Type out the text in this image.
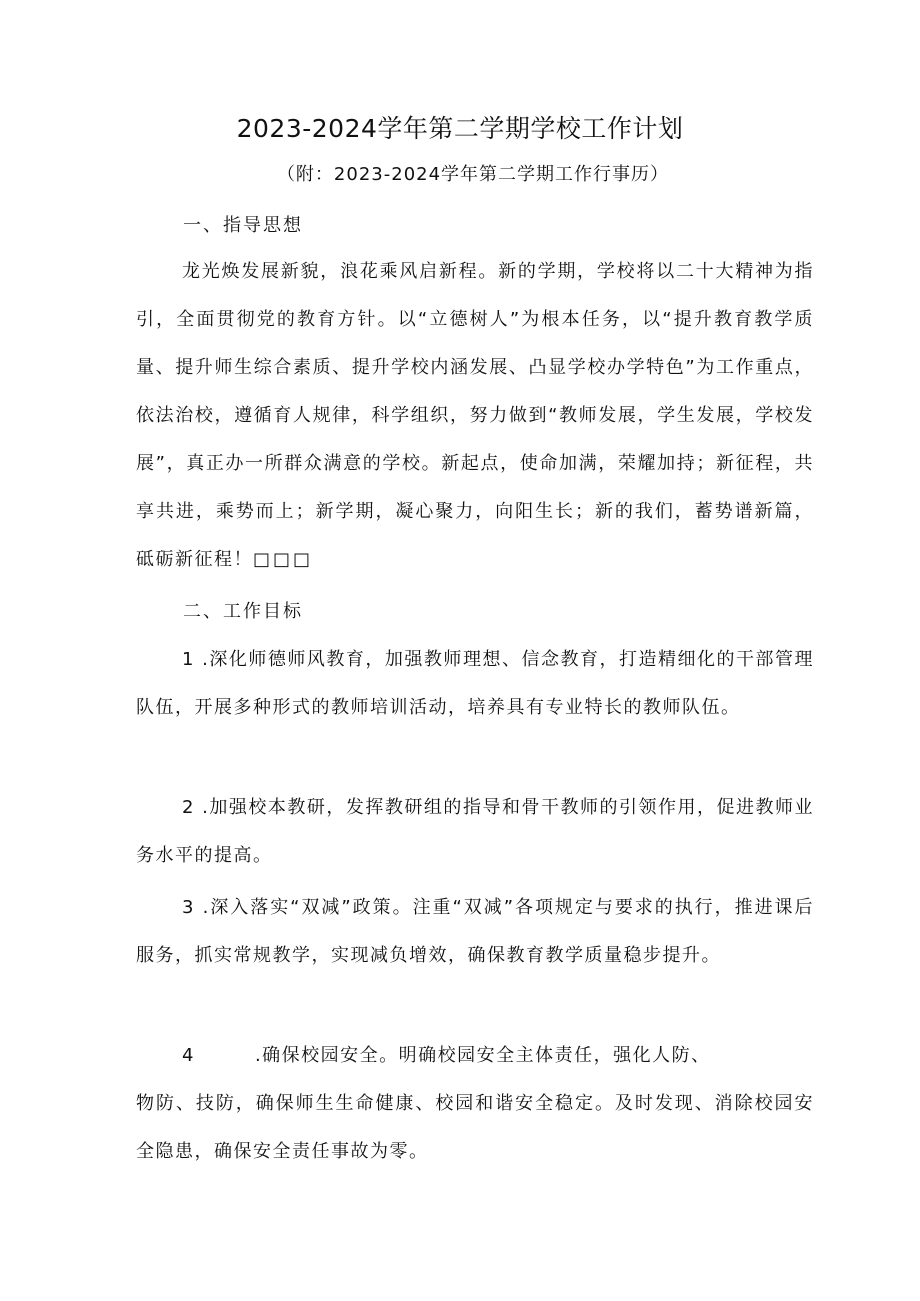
2023-2024学年第二学期学校工作计划
（附：2023-2024学年第二学期工作行事历）
一、指导思想
龙光焕发展新貌，浪花乘风启新程。新的学期，学校将以二十大精神为指引，全面贯彻党的教育方针。以“立德树人”为根本任务，以“提升教育教学质量、提升师生综合素质、提升学校内涵发展、凸显学校办学特色”为工作重点，依法治校，遵循育人规律，科学组织，努力做到“教师发展，学生发展，学校发展”，真正办一所群众满意的学校。新起点，使命加满，荣耀加持；新征程，共享共进，乘势而上；新学期，凝心聚力，向阳生长；新的我们，蓄势谱新篇，砥砺新征程！□□□
二、工作目标
1 .深化师德师风教育，加强教师理想、信念教育，打造精细化的干部管理队伍，开展多种形式的教师培训活动，培养具有专业特长的教师队伍。
2 .加强校本教研，发挥教研组的指导和骨干教师的引领作用，促进教师业务水平的提高。
3 .深入落实“双减”政策。注重“双减”各项规定与要求的执行，推进课后服务，抓实常规教学，实现减负增效，确保教育教学质量稳步提升。
4	.确保校园安全。明确校园安全主体责任，强化人防、
物防、技防，确保师生生命健康、校园和谐安全稳定。及时发现、消除校园安全隐患，确保安全责任事故为零。
